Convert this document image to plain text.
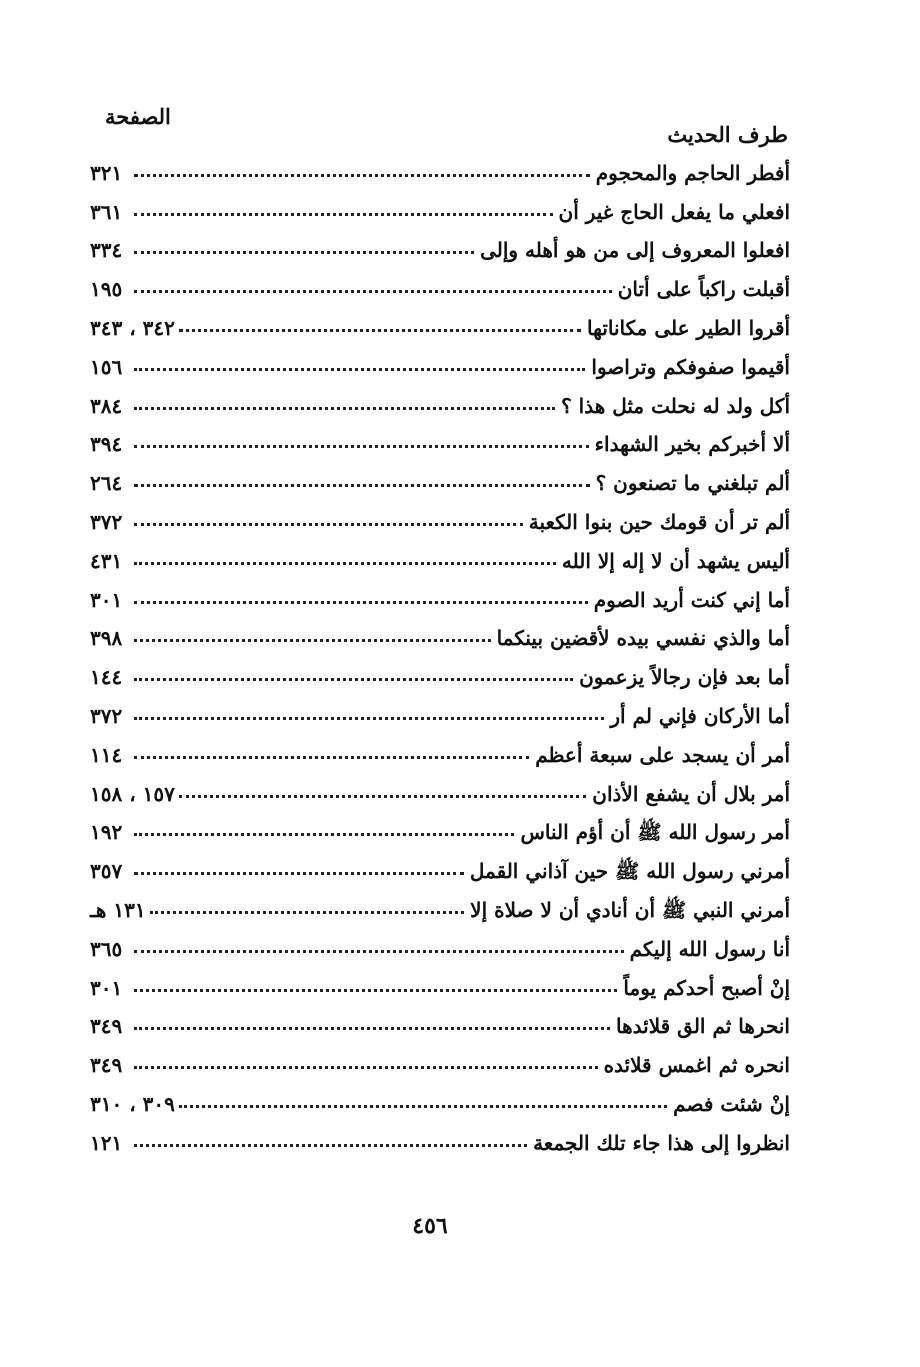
الصفحة
طرف الحديث
أفطر الحاجم والمحجوم
٣٢١
افعلي ما يفعل الحاج غير أن
٣٦١
افعلوا المعروف إلى من هو أهله وإلى
٣٣٤
أقبلت راكباً على أتان
١٩٥
أقروا الطير على مكاناتها
٣٤٢ ، ٣٤٣
أقيموا صفوفكم وتراصوا
١٥٦
أكل ولد له نحلت مثل هذا ؟
٣٨٤
ألا أخبركم بخير الشهداء
٣٩٤
ألم تبلغني ما تصنعون ؟
٢٦٤
ألم تر أن قومك حين بنوا الكعبة
٣٧٢
أليس يشهد أن لا إله إلا الله
٤٣١
أما إني كنت أريد الصوم
٣٠١
أما والذي نفسي بيده لأقضين بينكما
٣٩٨
أما بعد فإن رجالاً يزعمون
١٤٤
أما الأركان فإني لم أر
٣٧٢
أمر أن يسجد على سبعة أعظم
١١٤
أمر بلال أن يشفع الأذان
١٥٧ ، ١٥٨
أمر رسول الله ﷺ أن أؤم الناس
١٩٢
أمرني رسول الله ﷺ حين آذاني القمل
٣٥٧
أمرني النبي ﷺ أن أنادي أن لا صلاة إلا
١٣١ هـ
أنا رسول الله إليكم
٣٦٥
إنْ أصبح أحدكم يوماً
٣٠١
انحرها ثم الق قلائدها
٣٤٩
انحره ثم اغمس قلائده
٣٤٩
إنْ شئت فصم
٣٠٩ ، ٣١٠
انظروا إلى هذا جاء تلك الجمعة
١٢١
٤٥٦
